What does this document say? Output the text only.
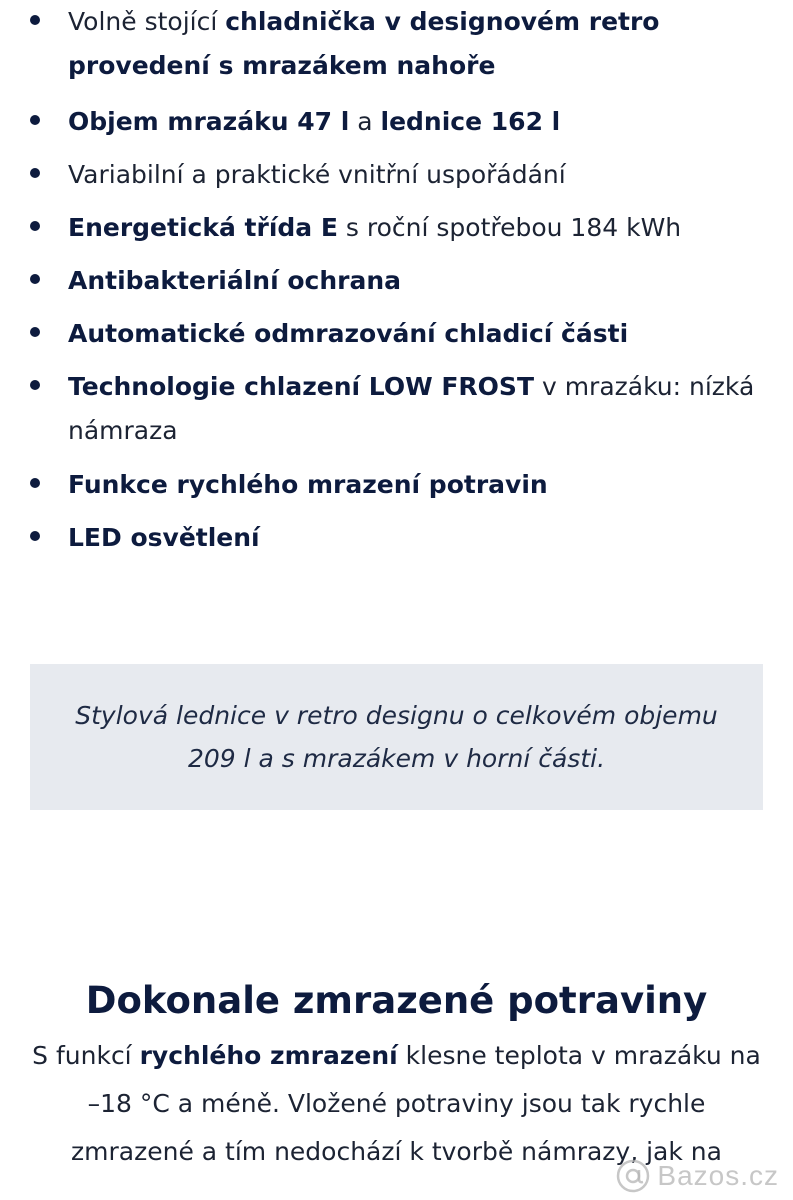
Volně stojící chladnička v designovém retro provedení s mrazákem nahoře
Objem mrazáku 47 l a lednice 162 l
Variabilní a praktické vnitřní uspořádání
Energetická třída E s roční spotřebou 184 kWh
Antibakteriální ochrana
Automatické odmrazování chladicí části
Technologie chlazení LOW FROST v mrazáku: nízká námraza
Funkce rychlého mrazení potravin
LED osvětlení
Stylová lednice v retro designu o celkovém objemu 209 l a s mrazákem v horní části.
Dokonale zmrazené potraviny
S funkcí rychlého zmrazení klesne teplota v mrazáku na –18 °C a méně. Vložené potraviny jsou tak rychle zmrazené a tím nedochází k tvorbě námrazy, jak na
Bazos.cz
